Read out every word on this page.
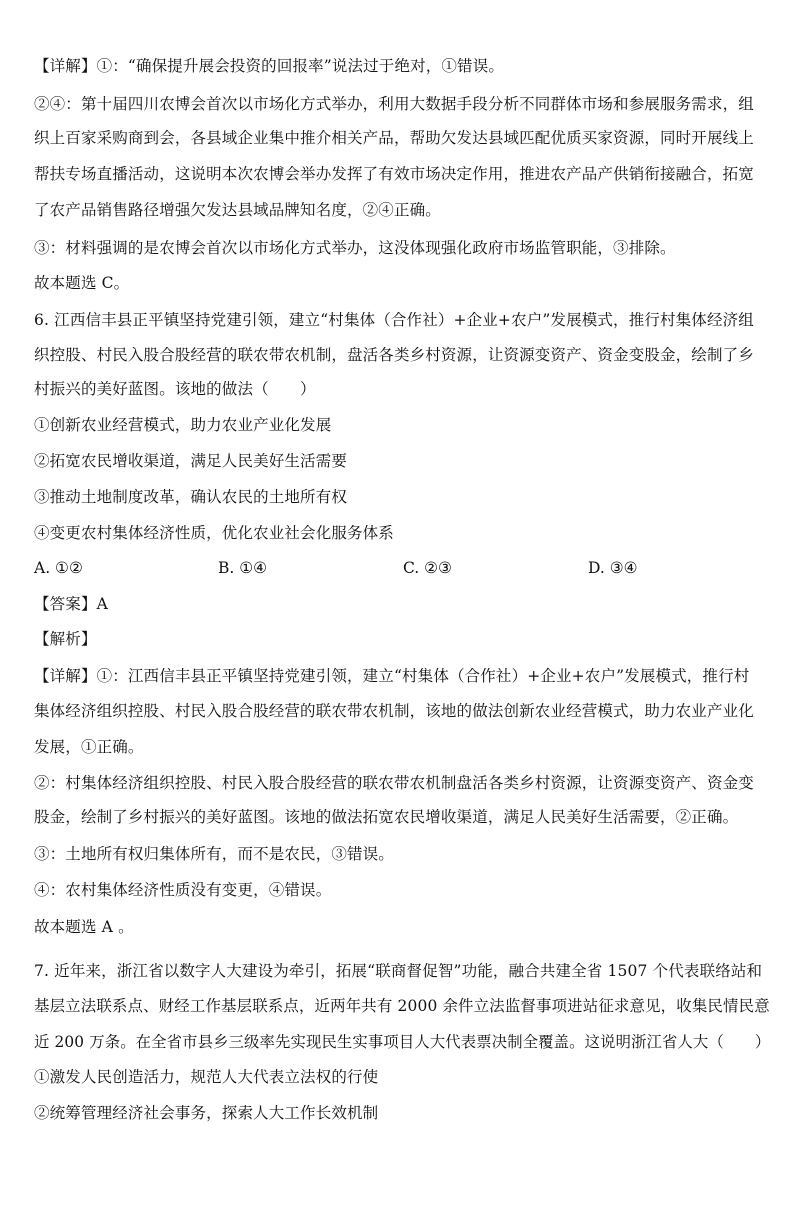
【详解】①：“确保提升展会投资的回报率”说法过于绝对，①错误。
②④：第十届四川农博会首次以市场化方式举办，利用大数据手段分析不同群体市场和参展服务需求，组
织上百家采购商到会，各县域企业集中推介相关产品，帮助欠发达县域匹配优质买家资源，同时开展线上
帮扶专场直播活动，这说明本次农博会举办发挥了有效市场决定作用，推进农产品产供销衔接融合，拓宽
了农产品销售路径增强欠发达县域品牌知名度，②④正确。
③：材料强调的是农博会首次以市场化方式举办，这没体现强化政府市场监管职能，③排除。
故本题选 C。
6. 江西信丰县正平镇坚持党建引领，建立“村集体（合作社）+企业+农户”发展模式，推行村集体经济组
织控股、村民入股合股经营的联农带农机制，盘活各类乡村资源，让资源变资产、资金变股金，绘制了乡
村振兴的美好蓝图。该地的做法（　　）
①创新农业经营模式，助力农业产业化发展
②拓宽农民增收渠道，满足人民美好生活需要
③推动土地制度改革，确认农民的土地所有权
④变更农村集体经济性质，优化农业社会化服务体系
A. ①②	B. ①④	C. ②③	D. ③④
【答案】A
【解析】
【详解】①：江西信丰县正平镇坚持党建引领，建立“村集体（合作社）+企业+农户”发展模式，推行村
集体经济组织控股、村民入股合股经营的联农带农机制，该地的做法创新农业经营模式，助力农业产业化
发展，①正确。
②：村集体经济组织控股、村民入股合股经营的联农带农机制盘活各类乡村资源，让资源变资产、资金变
股金，绘制了乡村振兴的美好蓝图。该地的做法拓宽农民增收渠道，满足人民美好生活需要，②正确。
③：土地所有权归集体所有，而不是农民，③错误。
④：农村集体经济性质没有变更，④错误。
故本题选 A 。
7. 近年来，浙江省以数字人大建设为牵引，拓展“联商督促智”功能，融合共建全省 1507 个代表联络站和
基层立法联系点、财经工作基层联系点，近两年共有 2000 余件立法监督事项进站征求意见，收集民情民意
近 200 万条。在全省市县乡三级率先实现民生实事项目人大代表票决制全覆盖。这说明浙江省人大（　　）
①激发人民创造活力，规范人大代表立法权的行使
②统筹管理经济社会事务，探索人大工作长效机制
